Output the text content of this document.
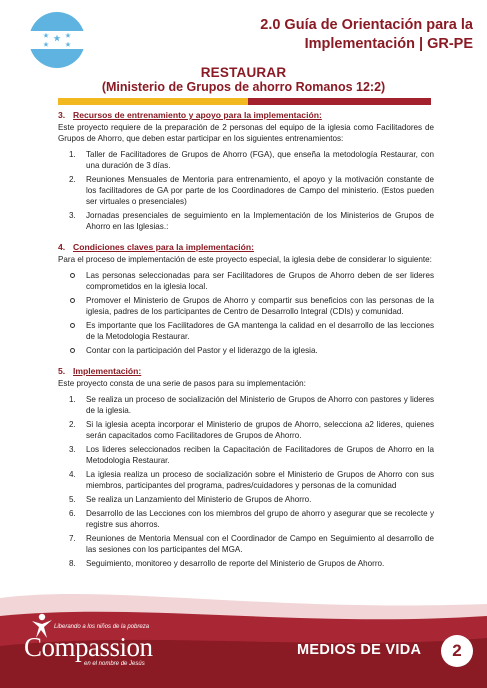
2.0 Guía de Orientación para la
Implementación | GR-PE
RESTAURAR
(Ministerio de Grupos de ahorro Romanos 12:2)
3. Recursos de entrenamiento y apoyo para la implementación:
Este proyecto requiere de la preparación de 2 personas del equipo de la iglesia como Facilitadores de Grupos de Ahorro, que deben estar participar en los siguientes entrenamientos:
1.	Taller de Facilitadores de Grupos de Ahorro (FGA), que enseña la metodología Restaurar, con una duración de 3 días.
2.	Reuniones Mensuales de Mentoria para entrenamiento, el apoyo y la motivación constante de los facilitadores de GA por parte de los Coordinadores de Campo del ministerio. (Estos pueden ser virtuales o presenciales)
3.	Jornadas presenciales de seguimiento en la Implementación de los Ministerios de Grupos de Ahorro en las Iglesias.:
4. Condiciones claves para la implementación:
Para el proceso de implementación de este proyecto especial, la iglesia debe de considerar lo siguiente:
Las personas seleccionadas para ser Facilitadores de Grupos de Ahorro deben de ser lideres comprometidos en la iglesia local.
Promover el Ministerio de Grupos de Ahorro y compartir sus beneficios con las personas de la iglesia, padres de los participantes de Centro de Desarrollo Integral (CDIs) y comunidad.
Es importante que los Facilitadores de GA mantenga la calidad en el desarrollo de las lecciones de la Metodologia Restaurar.
Contar con la participación del Pastor y el liderazgo de la iglesia.
5. Implementación:
Este proyecto consta de una serie de pasos para su implementación:
1.	Se realiza un proceso de socialización del Ministerio de Grupos de Ahorro con pastores y lideres de la iglesia.
2.	Si la iglesia acepta incorporar el Ministerio de grupos de Ahorro, selecciona a2 lideres, quienes serán capacitados como Facilitadores de Grupos de Ahorro.
3.	Los lideres seleccionados reciben la Capacitación de Facilitadores de Grupos de Ahorro en la Metodologia Restaurar.
4.	La iglesia realiza un proceso de socialización sobre el Ministerio de Grupos de Ahorro con sus miembros, participantes del programa, padres/cuidadores y personas de la comunidad
5.	Se realiza un Lanzamiento del Ministerio de Grupos de Ahorro.
6.	Desarrollo de las Lecciones con los miembros del grupo de ahorro y asegurar que se recolecte y registre sus ahorros.
7.	Reuniones de Mentoria Mensual con el Coordinador de Campo en Seguimiento al desarrollo de las sesiones con los participantes del MGA.
8.	Seguimiento, monitoreo y desarrollo de reporte del Ministerio de Grupos de Ahorro.
Liberando a los niños de la pobreza
Compassion
en el nombre de Jesús
MEDIOS DE VIDA	2
